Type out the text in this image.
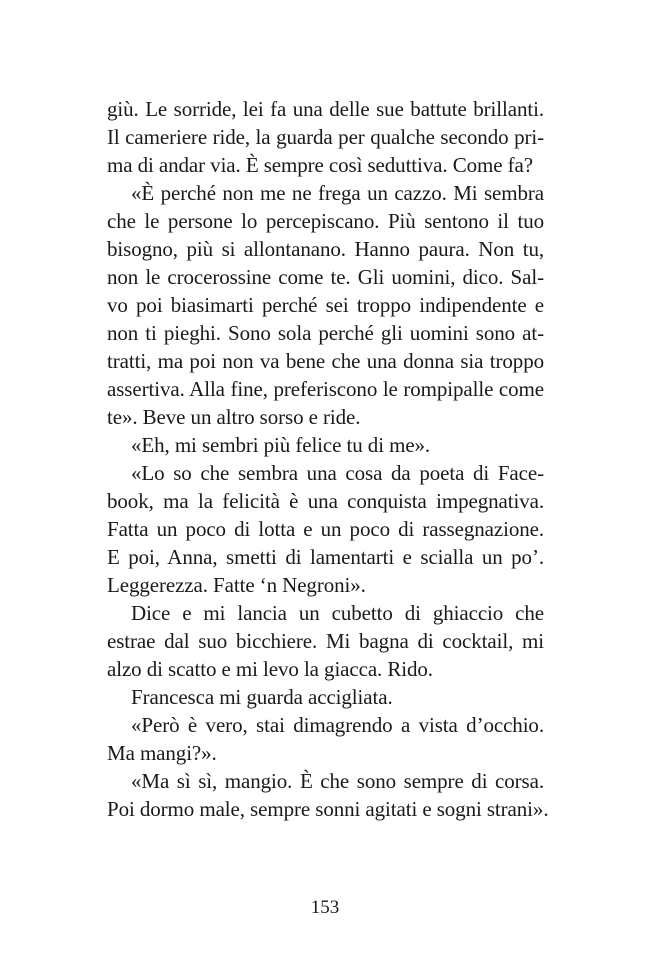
giù. Le sorride, lei fa una delle sue battute brillanti.
Il cameriere ride, la guarda per qualche secondo pri-
ma di andar via. È sempre così seduttiva. Come fa?
«È perché non me ne frega un cazzo. Mi sembra
che le persone lo percepiscano. Più sentono il tuo
bisogno, più si allontanano. Hanno paura. Non tu,
non le crocerossine come te. Gli uomini, dico. Sal-
vo poi biasimarti perché sei troppo indipendente e
non ti pieghi. Sono sola perché gli uomini sono at-
tratti, ma poi non va bene che una donna sia troppo
assertiva. Alla fine, preferiscono le rompipalle come
te». Beve un altro sorso e ride.
«Eh, mi sembri più felice tu di me».
«Lo so che sembra una cosa da poeta di Face-
book, ma la felicità è una conquista impegnativa.
Fatta un poco di lotta e un poco di rassegnazione.
E poi, Anna, smetti di lamentarti e scialla un po’.
Leggerezza. Fatte ‘n Negroni».
Dice e mi lancia un cubetto di ghiaccio che
estrae dal suo bicchiere. Mi bagna di cocktail, mi
alzo di scatto e mi levo la giacca. Rido.
Francesca mi guarda accigliata.
«Però è vero, stai dimagrendo a vista d’occhio.
Ma mangi?».
«Ma sì sì, mangio. È che sono sempre di corsa.
Poi dormo male, sempre sonni agitati e sogni strani».
153
